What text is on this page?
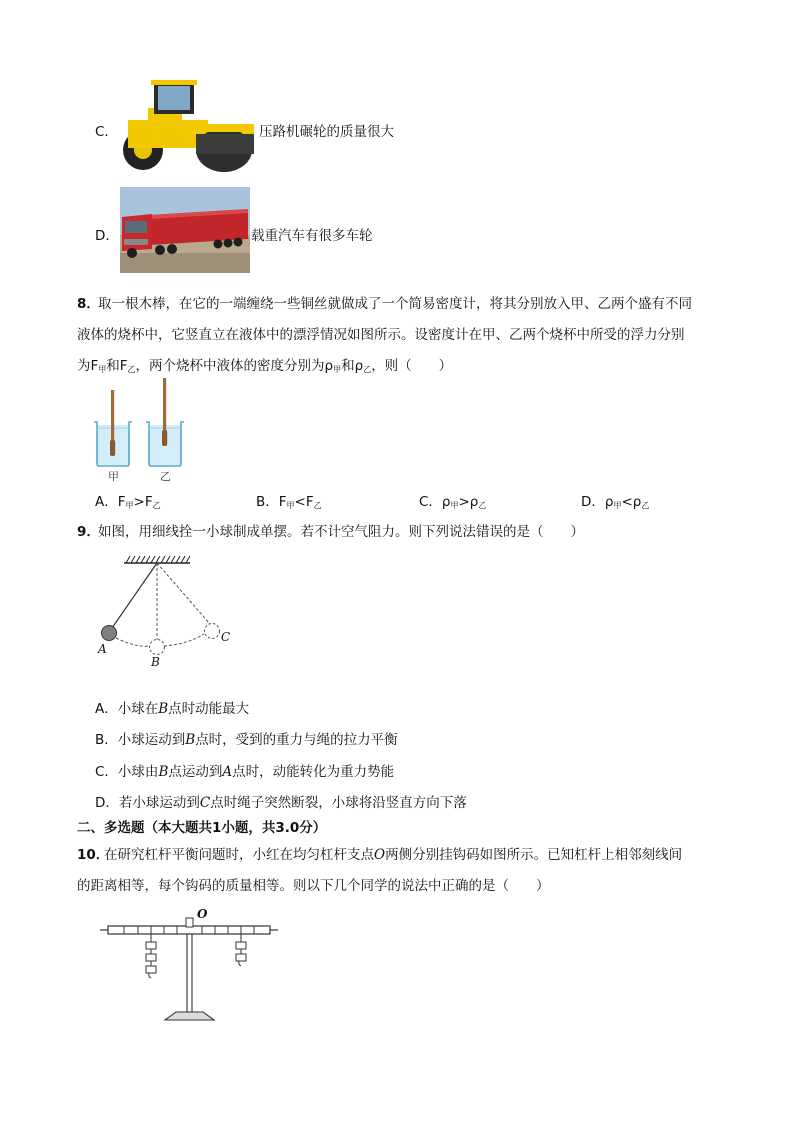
C．	压路机碾轮的质量很大
D．	载重汽车有很多车轮
8．
取一根木棒，在它的一端缠绕一些铜丝就做成了一个简易密度计，将其分别放入甲、乙两个盛有不同
液体的烧杯中，它竖直立在液体中的漂浮情况如图所示。设密度计在甲、乙两个烧杯中所受的浮力分别
为$F_甲$和$F_乙$，两个烧杯中液体的密度分别为$\rho_甲$和$\rho_乙$，则（　　）
甲	乙
A．$F_甲>F_乙$	B．$F_甲<F_乙$	C．$\rho_甲>\rho_乙$	D．$\rho_甲<\rho_乙$
9．
如图，用细线拴一小球制成单摆。若不计空气阻力。则下列说法错误的是（　　）
A
B
C
A．小球在B点时动能最大
B．小球运动到B点时，受到的重力与绳的拉力平衡
C．小球由B点运动到A点时，动能转化为重力势能
D．若小球运动到C点时绳子突然断裂，小球将沿竖直方向下落
二、多选题（本大题共1小题，共3.0分）
10．
在研究杠杆平衡问题时，小红在均匀杠杆支点O两侧分别挂钩码如图所示。已知杠杆上相邻刻线间
的距离相等，每个钩码的质量相等。则以下几个同学的说法中正确的是（　　）
O
